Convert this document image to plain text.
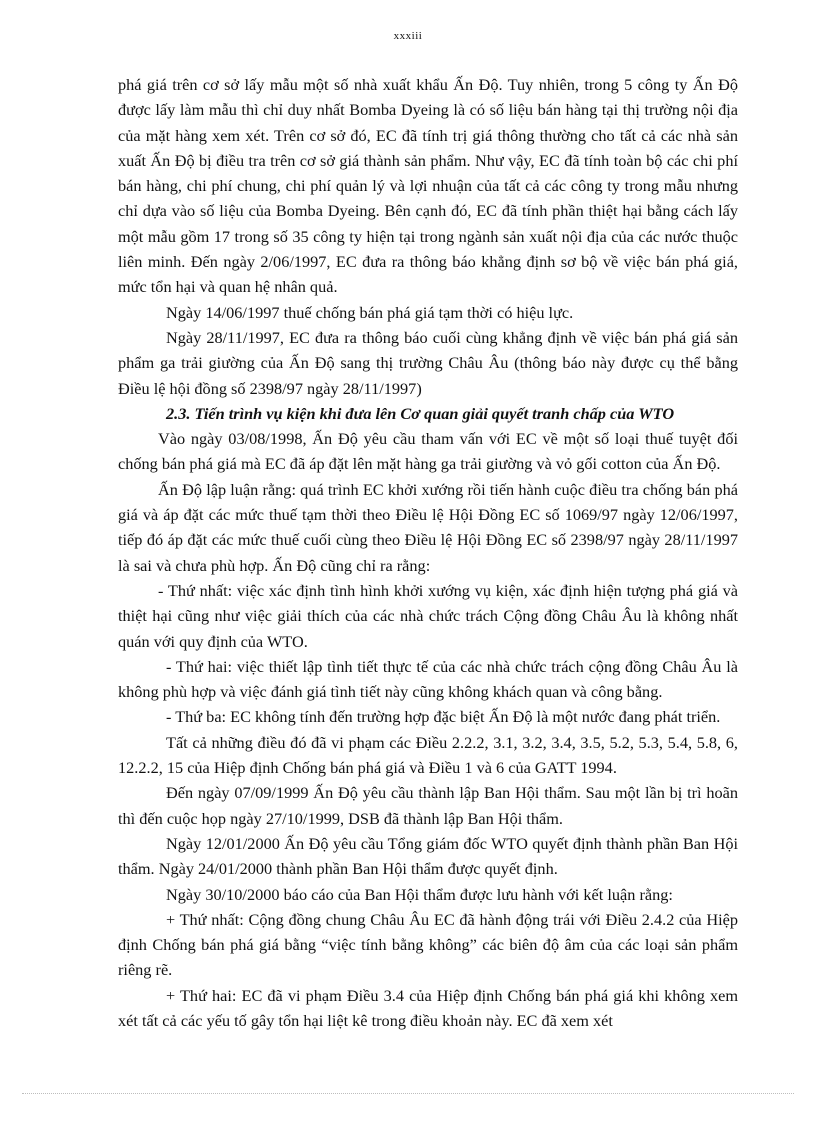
xxxiii

phá giá trên cơ sở lấy mẫu một số nhà xuất khẩu Ấn Độ. Tuy nhiên, trong 5 công ty Ấn Độ được lấy làm mẫu thì chỉ duy nhất Bomba Dyeing là có số liệu bán hàng tại thị trường nội địa của mặt hàng xem xét. Trên cơ sở đó, EC đã tính trị giá thông thường cho tất cả các nhà sản xuất Ấn Độ bị điều tra trên cơ sở giá thành sản phẩm. Như vậy, EC đã tính toàn bộ các chi phí bán hàng, chi phí chung, chi phí quản lý và lợi nhuận của tất cả các công ty trong mẫu nhưng chỉ dựa vào số liệu của Bomba Dyeing. Bên cạnh đó, EC đã tính phần thiệt hại bằng cách lấy một mẫu gồm 17 trong số 35 công ty hiện tại trong ngành sản xuất nội địa của các nước thuộc liên minh. Đến ngày 2/06/1997, EC đưa ra thông báo khẳng định sơ bộ về việc bán phá giá, mức tổn hại và quan hệ nhân quả.

Ngày 14/06/1997 thuế chống bán phá giá tạm thời có hiệu lực.

Ngày 28/11/1997, EC đưa ra thông báo cuối cùng khẳng định về việc bán phá giá sản phẩm ga trải giường của Ấn Độ sang thị trường Châu Âu (thông báo này được cụ thể bằng Điều lệ hội đồng số 2398/97 ngày 28/11/1997)

2.3. Tiến trình vụ kiện khi đưa lên Cơ quan giải quyết tranh chấp của WTO

Vào ngày 03/08/1998, Ấn Độ yêu cầu tham vấn với EC về một số loại thuế tuyệt đối chống bán phá giá mà EC đã áp đặt lên mặt hàng ga trải giường và vỏ gối cotton của Ấn Độ.

Ấn Độ lập luận rằng: quá trình EC khởi xướng rồi tiến hành cuộc điều tra chống bán phá giá và áp đặt các mức thuế tạm thời theo Điều lệ Hội Đồng EC số 1069/97 ngày 12/06/1997, tiếp đó áp đặt các mức thuế cuối cùng theo Điều lệ Hội Đồng EC số 2398/97 ngày 28/11/1997 là sai và chưa phù hợp. Ấn Độ cũng chỉ ra rằng:

- Thứ nhất: việc xác định tình hình khởi xướng vụ kiện, xác định hiện tượng phá giá và thiệt hại cũng như việc giải thích của các nhà chức trách Cộng đồng Châu Âu là không nhất quán với quy định của WTO.

- Thứ hai: việc thiết lập tình tiết thực tế của các nhà chức trách cộng đồng Châu Âu là không phù hợp và việc đánh giá tình tiết này cũng không khách quan và công bằng.

- Thứ ba: EC không tính đến trường hợp đặc biệt Ấn Độ là một nước đang phát triển.

Tất cả những điều đó đã vi phạm các Điều 2.2.2, 3.1, 3.2, 3.4, 3.5, 5.2, 5.3, 5.4, 5.8, 6, 12.2.2, 15 của Hiệp định Chống bán phá giá và Điều 1 và 6 của GATT 1994.

Đến ngày 07/09/1999 Ấn Độ yêu cầu thành lập Ban Hội thẩm. Sau một lần bị trì hoãn thì đến cuộc họp ngày 27/10/1999, DSB đã thành lập Ban Hội thẩm.

Ngày 12/01/2000 Ấn Độ yêu cầu Tổng giám đốc WTO quyết định thành phần Ban Hội thẩm. Ngày 24/01/2000 thành phần Ban Hội thẩm được quyết định.

Ngày 30/10/2000 báo cáo của Ban Hội thẩm được lưu hành với kết luận rằng:

+ Thứ nhất: Cộng đồng chung Châu Âu EC đã hành động trái với Điều 2.4.2 của Hiệp định Chống bán phá giá bằng “việc tính bằng không” các biên độ âm của các loại sản phẩm riêng rẽ.

+ Thứ hai: EC đã vi phạm Điều 3.4 của Hiệp định Chống bán phá giá khi không xem xét tất cả các yếu tố gây tổn hại liệt kê trong điều khoản này. EC đã xem xét
